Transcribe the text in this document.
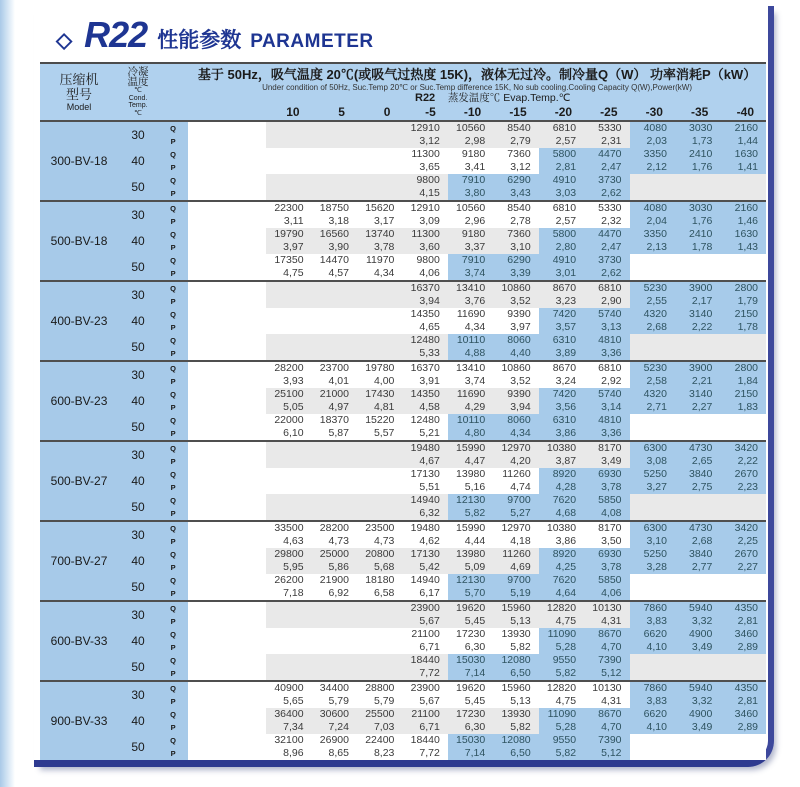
◇ R22 性能参数 PARAMETER
压缩机
型号
Model

冷凝
温度
℃
Cond.
Temp.
℃

基于 50Hz，吸气温度 20℃(或吸气过热度 15K)，液体无过冷。制冷量Q（W） 功率消耗P（kW）
Under condition of 50Hz, Suc.Temp 20℃ or Suc.Temp difference 15K, No sub cooling.Cooling Capacity Q(W),Power(kW)

							R22	蒸发温度℃ Evap.Temp.℃						
				10	5	0	-5	-10	-15	-20	-25	-30	-35	-40
300-BV-18	30	Q					12910	10560	8540	6810	5330	4080	3030	2160
		P					3,12	2,98	2,79	2,57	2,31	2,03	1,73	1,44
	40	Q					11300	9180	7360	5800	4470	3350	2410	1630
		P					3,65	3,41	3,12	2,81	2,47	2,12	1,76	1,41
	50	Q					9800	7910	6290	4910	3730			
		P					4,15	3,80	3,43	3,03	2,62			
500-BV-18	30	Q		22300	18750	15620	12910	10560	8540	6810	5330	4080	3030	2160
		P		3,11	3,18	3,17	3,09	2,96	2,78	2,57	2,32	2,04	1,76	1,46
	40	Q		19790	16560	13740	11300	9180	7360	5800	4470	3350	2410	1630
		P		3,97	3,90	3,78	3,60	3,37	3,10	2,80	2,47	2,13	1,78	1,43
	50	Q		17350	14470	11970	9800	7910	6290	4910	3730			
		P		4,75	4,57	4,34	4,06	3,74	3,39	3,01	2,62			
400-BV-23	30	Q					16370	13410	10860	8670	6810	5230	3900	2800
		P					3,94	3,76	3,52	3,23	2,90	2,55	2,17	1,79
	40	Q					14350	11690	9390	7420	5740	4320	3140	2150
		P					4,65	4,34	3,97	3,57	3,13	2,68	2,22	1,78
	50	Q					12480	10110	8060	6310	4810			
		P					5,33	4,88	4,40	3,89	3,36			
600-BV-23	30	Q		28200	23700	19780	16370	13410	10860	8670	6810	5230	3900	2800
		P		3,93	4,01	4,00	3,91	3,74	3,52	3,24	2,92	2,58	2,21	1,84
	40	Q		25100	21000	17430	14350	11690	9390	7420	5740	4320	3140	2150
		P		5,05	4,97	4,81	4,58	4,29	3,94	3,56	3,14	2,71	2,27	1,83
	50	Q		22000	18370	15220	12480	10110	8060	6310	4810			
		P		6,10	5,87	5,57	5,21	4,80	4,34	3,86	3,36			
500-BV-27	30	Q					19480	15990	12970	10380	8170	6300	4730	3420
		P					4,67	4,47	4,20	3,87	3,49	3,08	2,65	2,22
	40	Q					17130	13980	11260	8920	6930	5250	3840	2670
		P					5,51	5,16	4,74	4,28	3,78	3,27	2,75	2,23
	50	Q					14940	12130	9700	7620	5850			
		P					6,32	5,82	5,27	4,68	4,08			
700-BV-27	30	Q		33500	28200	23500	19480	15990	12970	10380	8170	6300	4730	3420
		P		4,63	4,73	4,73	4,62	4,44	4,18	3,86	3,50	3,10	2,68	2,25
	40	Q		29800	25000	20800	17130	13980	11260	8920	6930	5250	3840	2670
		P		5,95	5,86	5,68	5,42	5,09	4,69	4,25	3,78	3,28	2,77	2,27
	50	Q		26200	21900	18180	14940	12130	9700	7620	5850			
		P		7,18	6,92	6,58	6,17	5,70	5,19	4,64	4,06			
600-BV-33	30	Q					23900	19620	15960	12820	10130	7860	5940	4350
		P					5,67	5,45	5,13	4,75	4,31	3,83	3,32	2,81
	40	Q					21100	17230	13930	11090	8670	6620	4900	3460
		P					6,71	6,30	5,82	5,28	4,70	4,10	3,49	2,89
	50	Q					18440	15030	12080	9550	7390			
		P					7,72	7,14	6,50	5,82	5,12			
900-BV-33	30	Q		40900	34400	28800	23900	19620	15960	12820	10130	7860	5940	4350
		P		5,65	5,79	5,79	5,67	5,45	5,13	4,75	4,31	3,83	3,32	2,81
	40	Q		36400	30600	25500	21100	17230	13930	11090	8670	6620	4900	3460
		P		7,34	7,24	7,03	6,71	6,30	5,82	5,28	4,70	4,10	3,49	2,89
	50	Q		32100	26900	22400	18440	15030	12080	9550	7390			
		P		8,96	8,65	8,23	7,72	7,14	6,50	5,82	5,12			
